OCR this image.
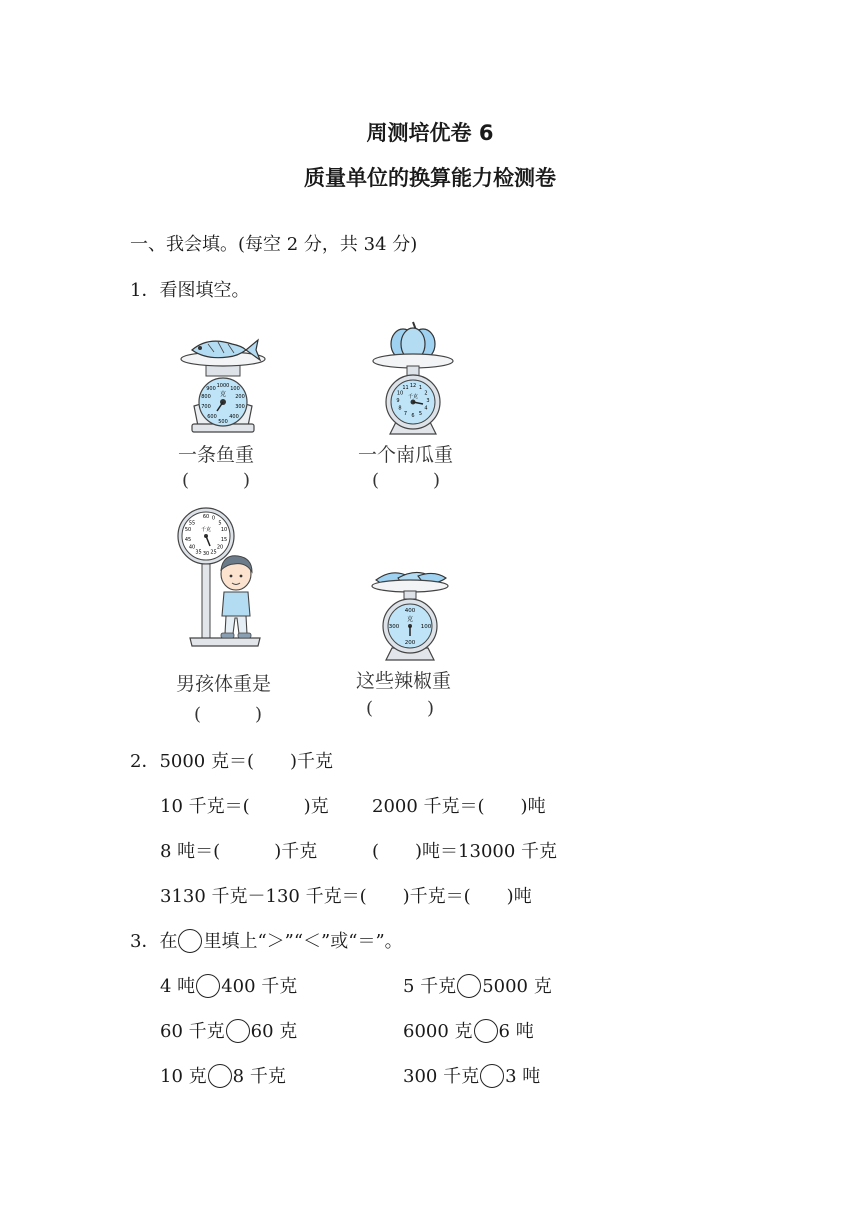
周测培优卷 6
质量单位的换算能力检测卷
一、我会填。(每空 2 分，共 34 分)
1．看图填空。
1000
900	100
800	200
700	300
600 400
500
克
一条鱼重
(　　　)
12 1
2
3
4
5
6
7
8
9
10
11
千克
一个南瓜重
(　　　)
60 0
5
10
15
20
25
30
35
40
45
50
55
千克
男孩体重是
(　　　)
400
100
200
300
克
这些辣椒重
(　　　)
2．5000 克＝(　　)千克
10 千克＝(　　　)克 2000 千克＝(　　)吨
8 吨＝(　　　)千克	(　　)吨＝13000 千克
3130 千克－130 千克＝(　　)千克＝(　　)吨
3．在 里填上“＞”“＜”或“＝”。
4 吨 400 千克	5 千克 5000 克
60 千克 60 克	6000 克 6 吨
10 克 8 千克	300 千克 3 吨
